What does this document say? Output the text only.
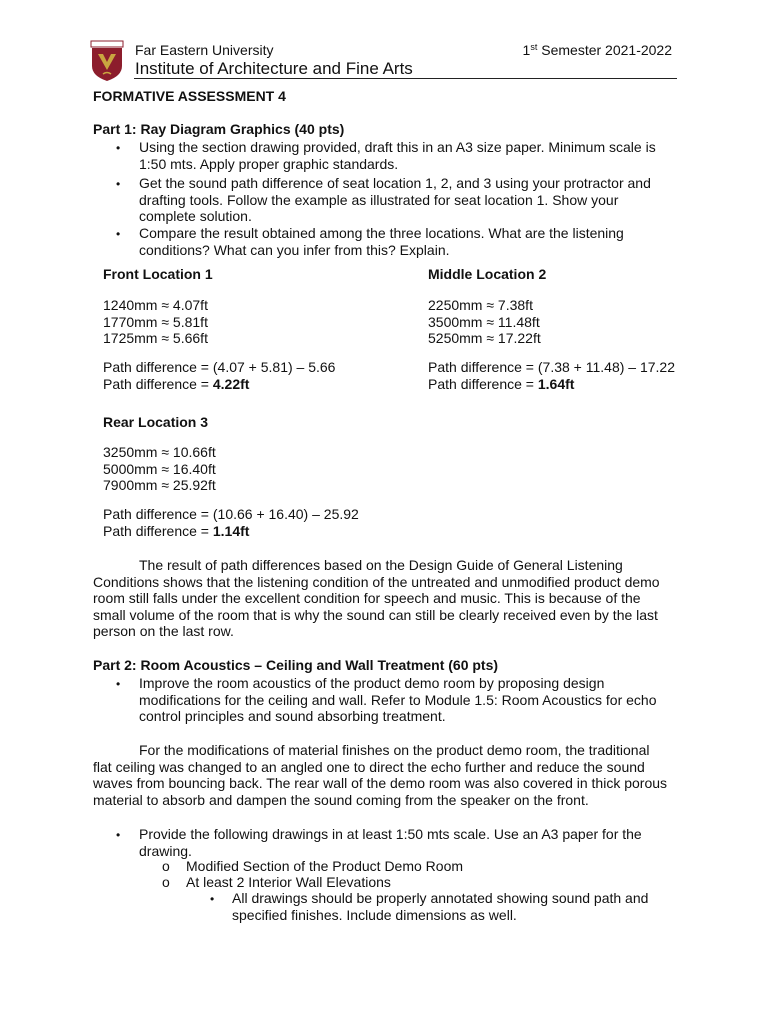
Far Eastern University	1st Semester 2021-2022
Institute of Architecture and Fine Arts
FORMATIVE ASSESSMENT 4
Part 1: Ray Diagram Graphics (40 pts)
• Using the section drawing provided, draft this in an A3 size paper. Minimum scale is
1:50 mts. Apply proper graphic standards.
• Get the sound path difference of seat location 1, 2, and 3 using your protractor and
drafting tools. Follow the example as illustrated for seat location 1. Show your
complete solution.
• Compare the result obtained among the three locations. What are the listening
conditions? What can you infer from this? Explain.
Front Location 1
1240mm ≈ 4.07ft
1770mm ≈ 5.81ft
1725mm ≈ 5.66ft
Path difference = (4.07 + 5.81) – 5.66
Path difference = 4.22ft
Middle Location 2
2250mm ≈ 7.38ft
3500mm ≈ 11.48ft
5250mm ≈ 17.22ft
Path difference = (7.38 + 11.48) – 17.22
Path difference = 1.64ft
Rear Location 3
3250mm ≈ 10.66ft
5000mm ≈ 16.40ft
7900mm ≈ 25.92ft
Path difference = (10.66 + 16.40) – 25.92
Path difference = 1.14ft
The result of path differences based on the Design Guide of General Listening
Conditions shows that the listening condition of the untreated and unmodified product demo
room still falls under the excellent condition for speech and music. This is because of the
small volume of the room that is why the sound can still be clearly received even by the last
person on the last row.
Part 2: Room Acoustics – Ceiling and Wall Treatment (60 pts)
• Improve the room acoustics of the product demo room by proposing design
modifications for the ceiling and wall. Refer to Module 1.5: Room Acoustics for echo
control principles and sound absorbing treatment.
For the modifications of material finishes on the product demo room, the traditional
flat ceiling was changed to an angled one to direct the echo further and reduce the sound
waves from bouncing back. The rear wall of the demo room was also covered in thick porous
material to absorb and dampen the sound coming from the speaker on the front.
• Provide the following drawings in at least 1:50 mts scale. Use an A3 paper for the
drawing.
o Modified Section of the Product Demo Room
o At least 2 Interior Wall Elevations
• All drawings should be properly annotated showing sound path and
specified finishes. Include dimensions as well.
